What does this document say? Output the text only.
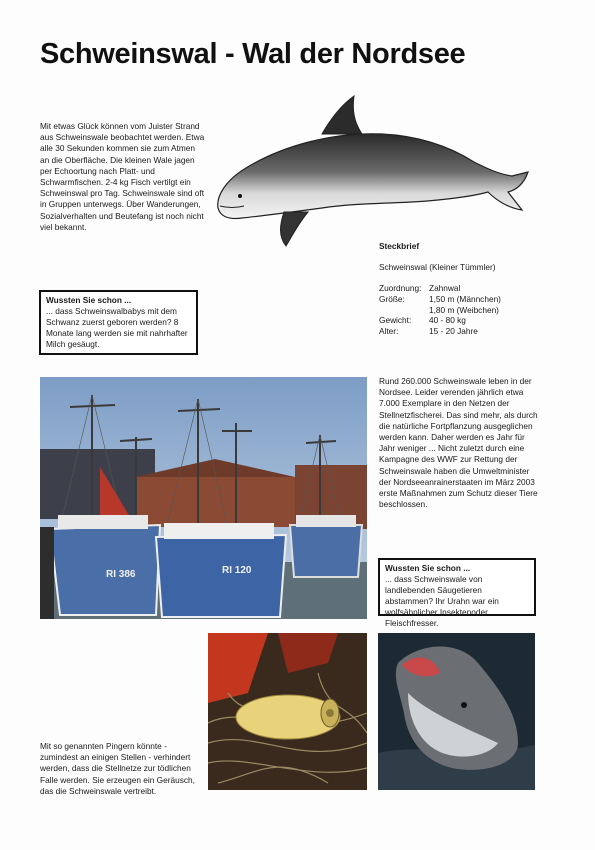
Schweinswal - Wal der Nordsee
Mit etwas Glück können vom Juister Strand aus Schweinswale beobachtet werden. Etwa alle 30 Sekunden kommen sie zum Atmen an die Oberfläche. Die kleinen Wale jagen per Echoortung nach Platt- und Schwarmfischen. 2-4 kg Fisch vertilgt ein Schweinswal pro Tag. Schweinswale sind oft in Gruppen unterwegs. Über Wanderungen, Sozialverhalten und Beutefang ist noch nicht viel bekannt.
Steckbrief
Schweinswal (Kleiner Tümmler)
Zuordnung: Zahnwal
Größe:	1,50 m (Männchen)
1,80 m (Weibchen)
Gewicht:	40 - 80 kg
Alter:	15 - 20 Jahre
Wussten Sie schon ...

... dass Schweinswalbabys mit dem Schwanz zuerst geboren werden? 8 Monate lang werden sie mit nahrhafter Milch gesäugt.

RI 386	RI 120
Rund 260.000 Schweinswale leben in der Nordsee. Leider verenden jährlich etwa 7.000 Exemplare in den Netzen der Stellnetzfischerei. Das sind mehr, als durch die natürliche Fortpflanzung ausgeglichen werden kann. Daher werden es Jahr für Jahr weniger ... Nicht zuletzt durch eine Kampagne des WWF zur Rettung der Schweinswale haben die Umweltminister der Nordseeanrainerstaaten im März 2003 erste Maßnahmen zum Schutz dieser Tiere beschlossen.
Wussten Sie schon ...

... dass Schweinswale von landlebenden Säugetieren abstammen? Ihr Urahn war ein wolfsähnlicher Insektenoder Fleischfresser.

Mit so genannten Pingern könnte - zumindest an einigen Stellen - verhindert werden, dass die Stellnetze zur tödlichen Falle werden. Sie erzeugen ein Geräusch, das die Schweinswale vertreibt.
